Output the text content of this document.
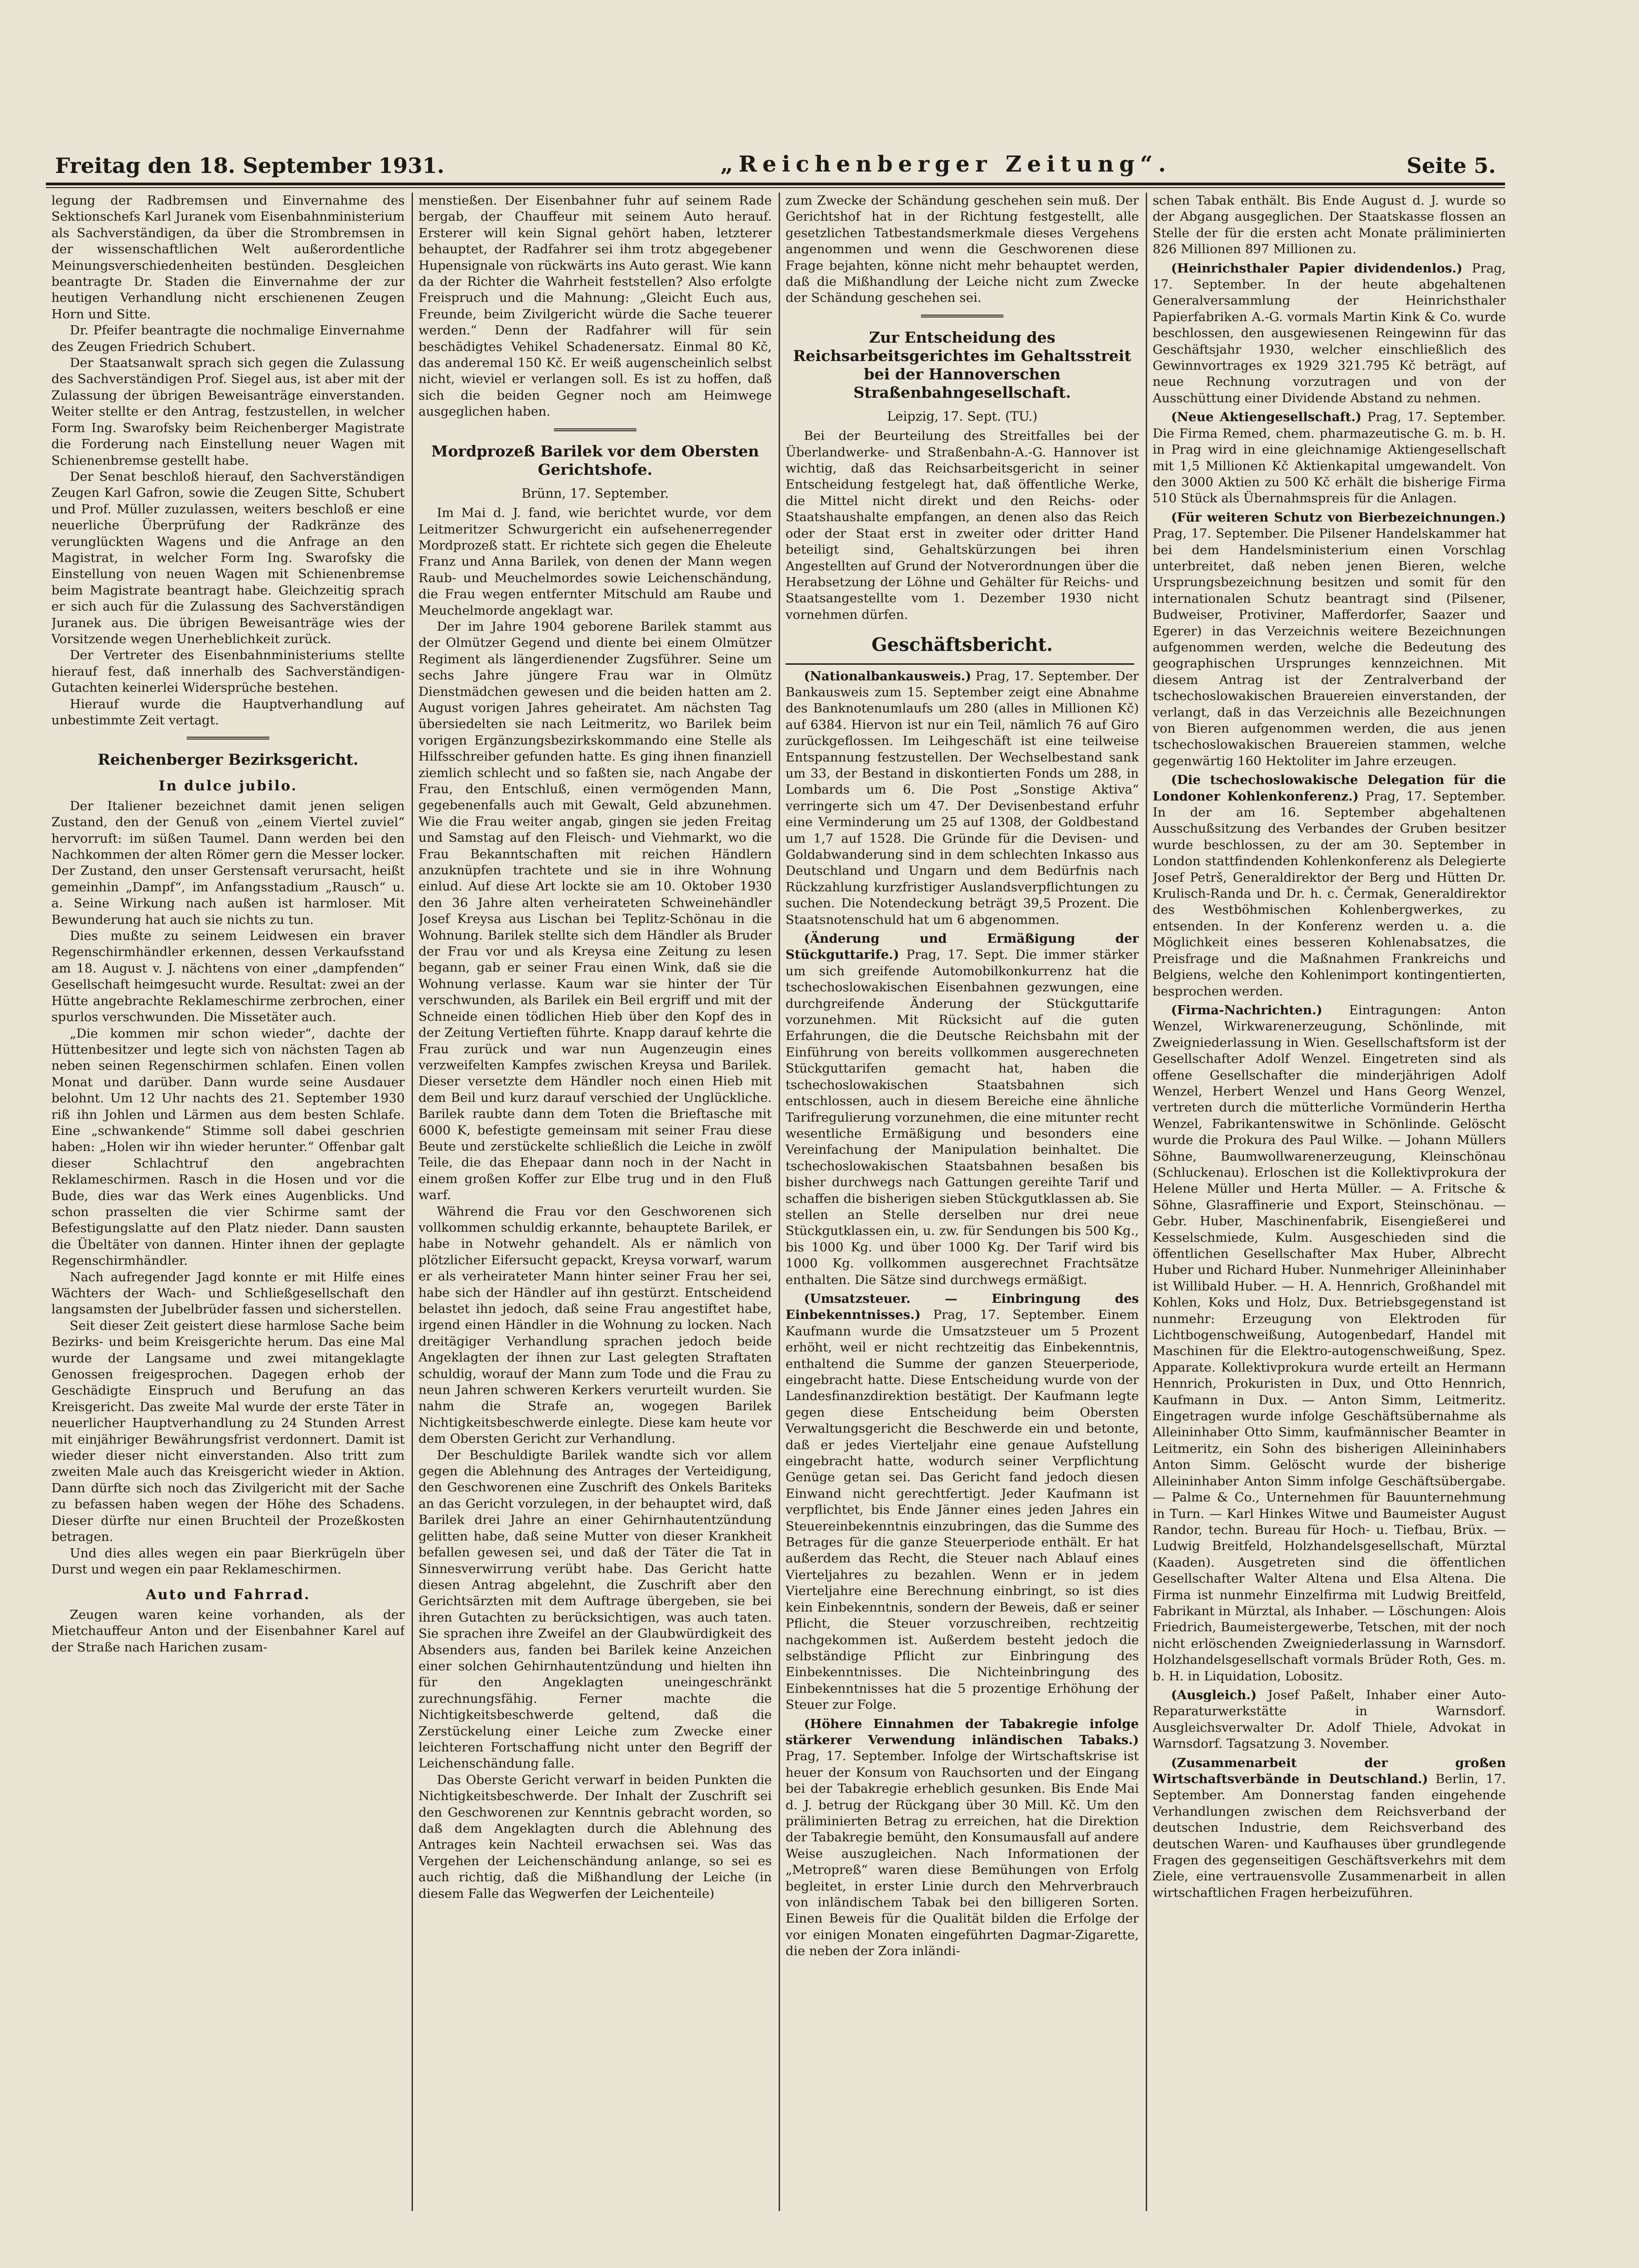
Freitag den 18. September 1931.	„Reichenberger Zeitung“.	Seite 5.

legung der Radbremsen und Einvernahme des Sektionschefs Karl Juranek vom Eisenbahnministerium als Sachverständigen, da über die Strombremsen in der wissenschaftlichen Welt außerordentliche Meinungsverschiedenheiten bestünden. Desgleichen beantragte Dr. Staden die Einvernahme der zur heutigen Verhandlung nicht erschienenen Zeugen Horn und Sitte.

Dr. Pfeifer beantragte die nochmalige Einvernahme des Zeugen Friedrich Schubert.

Der Staatsanwalt sprach sich gegen die Zulassung des Sachverständigen Prof. Siegel aus, ist aber mit der Zulassung der übrigen Beweisanträge einverstanden. Weiter stellte er den Antrag, festzustellen, in welcher Form Ing. Swarofsky beim Reichenberger Magistrate die Forderung nach Einstellung neuer Wagen mit Schienenbremse gestellt habe.

Der Senat beschloß hierauf, den Sachverständigen Zeugen Karl Gafron, sowie die Zeugen Sitte, Schubert und Prof. Müller zuzulassen, weiters beschloß er eine neuerliche Überprüfung der Radkränze des verunglückten Wagens und die Anfrage an den Magistrat, in welcher Form Ing. Swarofsky die Einstellung von neuen Wagen mit Schienenbremse beim Magistrate beantragt habe. Gleichzeitig sprach er sich auch für die Zulassung des Sachverständigen Juranek aus. Die übrigen Beweisanträge wies der Vorsitzende wegen Unerheblichkeit zurück.

Der Vertreter des Eisenbahnministeriums stellte hierauf fest, daß innerhalb des Sachverständigen-Gutachten keinerlei Widersprüche bestehen.

Hierauf wurde die Hauptverhandlung auf unbestimmte Zeit vertagt.

Reichenberger Bezirksgericht.
In dulce jubilo.

Der Italiener bezeichnet damit jenen seligen Zustand, den der Genuß von „einem Viertel zuviel“ hervorruft: im süßen Taumel. Dann werden bei den Nachkommen der alten Römer gern die Messer locker. Der Zustand, den unser Gerstensaft verursacht, heißt gemeinhin „Dampf“, im Anfangsstadium „Rausch“ u. a. Seine Wirkung nach außen ist harmloser. Mit Bewunderung hat auch sie nichts zu tun.

Dies mußte zu seinem Leidwesen ein braver Regenschirmhändler erkennen, dessen Verkaufsstand am 18. August v. J. nächtens von einer „dampfenden“ Gesellschaft heimgesucht wurde. Resultat: zwei an der Hütte angebrachte Reklameschirme zerbrochen, einer spurlos verschwunden. Die Missetäter auch.

„Die kommen mir schon wieder“, dachte der Hüttenbesitzer und legte sich von nächsten Tagen ab neben seinen Regenschirmen schlafen. Einen vollen Monat und darüber. Dann wurde seine Ausdauer belohnt. Um 12 Uhr nachts des 21. September 1930 riß ihn Johlen und Lärmen aus dem besten Schlafe. Eine „schwankende“ Stimme soll dabei geschrien haben: „Holen wir ihn wieder herunter.“ Offenbar galt dieser Schlachtruf den angebrachten Reklameschirmen. Rasch in die Hosen und vor die Bude, dies war das Werk eines Augenblicks. Und schon prasselten die vier Schirme samt der Befestigungslatte auf den Platz nieder. Dann sausten die Übeltäter von dannen. Hinter ihnen der geplagte Regenschirmhändler.

Nach aufregender Jagd konnte er mit Hilfe eines Wächters der Wach- und Schließgesellschaft den langsamsten der Jubelbrüder fassen und sicherstellen.

Seit dieser Zeit geistert diese harmlose Sache beim Bezirks- und beim Kreisgerichte herum. Das eine Mal wurde der Langsame und zwei mitangeklagte Genossen freigesprochen. Dagegen erhob der Geschädigte Einspruch und Berufung an das Kreisgericht. Das zweite Mal wurde der erste Täter in neuerlicher Hauptverhandlung zu 24 Stunden Arrest mit einjähriger Bewährungsfrist verdonnert. Damit ist wieder dieser nicht einverstanden. Also tritt zum zweiten Male auch das Kreisgericht wieder in Aktion. Dann dürfte sich noch das Zivilgericht mit der Sache zu befassen haben wegen der Höhe des Schadens. Dieser dürfte nur einen Bruchteil der Prozeßkosten betragen.

Und dies alles wegen ein paar Bierkrügeln über Durst und wegen ein paar Reklameschirmen.

Auto und Fahrrad.

Zeugen waren keine vorhanden, als der Mietchauffeur Anton und der Eisenbahner Karel auf der Straße nach Harichen zusam-

menstießen. Der Eisenbahner fuhr auf seinem Rade bergab, der Chauffeur mit seinem Auto herauf. Ersterer will kein Signal gehört haben, letzterer behauptet, der Radfahrer sei ihm trotz abgegebener Hupensignale von rückwärts ins Auto gerast. Wie kann da der Richter die Wahrheit feststellen? Also erfolgte Freispruch und die Mahnung: „Gleicht Euch aus, Freunde, beim Zivilgericht würde die Sache teuerer werden.“ Denn der Radfahrer will für sein beschädigtes Vehikel Schadenersatz. Einmal 80 Kč, das anderemal 150 Kč. Er weiß augenscheinlich selbst nicht, wieviel er verlangen soll. Es ist zu hoffen, daß sich die beiden Gegner noch am Heimwege ausgeglichen haben.

Mordprozeß Barilek vor dem Obersten Gerichtshofe.
Brünn, 17. September.

Im Mai d. J. fand, wie berichtet wurde, vor dem Leitmeritzer Schwurgericht ein aufsehenerregender Mordprozeß statt. Er richtete sich gegen die Eheleute Franz und Anna Barilek, von denen der Mann wegen Raub- und Meuchelmordes sowie Leichenschändung, die Frau wegen entfernter Mitschuld am Raube und Meuchelmorde angeklagt war.

Der im Jahre 1904 geborene Barilek stammt aus der Olmützer Gegend und diente bei einem Olmützer Regiment als längerdienender Zugsführer. Seine um sechs Jahre jüngere Frau war in Olmütz Dienstmädchen gewesen und die beiden hatten am 2. August vorigen Jahres geheiratet. Am nächsten Tag übersiedelten sie nach Leitmeritz, wo Barilek beim vorigen Ergänzungsbezirkskommando eine Stelle als Hilfsschreiber gefunden hatte. Es ging ihnen finanziell ziemlich schlecht und so faßten sie, nach Angabe der Frau, den Entschluß, einen vermögenden Mann, gegebenenfalls auch mit Gewalt, Geld abzunehmen. Wie die Frau weiter angab, gingen sie jeden Freitag und Samstag auf den Fleisch- und Viehmarkt, wo die Frau Bekanntschaften mit reichen Händlern anzuknüpfen trachtete und sie in ihre Wohnung einlud. Auf diese Art lockte sie am 10. Oktober 1930 den 36 Jahre alten verheirateten Schweinehändler Josef Kreysa aus Lischan bei Teplitz-Schönau in die Wohnung. Barilek stellte sich dem Händler als Bruder der Frau vor und als Kreysa eine Zeitung zu lesen begann, gab er seiner Frau einen Wink, daß sie die Wohnung verlasse. Kaum war sie hinter der Tür verschwunden, als Barilek ein Beil ergriff und mit der Schneide einen tödlichen Hieb über den Kopf des in der Zeitung Vertieften führte. Knapp darauf kehrte die Frau zurück und war nun Augenzeugin eines verzweifelten Kampfes zwischen Kreysa und Barilek. Dieser versetzte dem Händler noch einen Hieb mit dem Beil und kurz darauf verschied der Unglückliche. Barilek raubte dann dem Toten die Brieftasche mit 6000 K, befestigte gemeinsam mit seiner Frau diese Beute und zerstückelte schließlich die Leiche in zwölf Teile, die das Ehepaar dann noch in der Nacht in einem großen Koffer zur Elbe trug und in den Fluß warf.

Während die Frau vor den Geschworenen sich vollkommen schuldig erkannte, behauptete Barilek, er habe in Notwehr gehandelt. Als er nämlich von plötzlicher Eifersucht gepackt, Kreysa vorwarf, warum er als verheirateter Mann hinter seiner Frau her sei, habe sich der Händler auf ihn gestürzt. Entscheidend belastet ihn jedoch, daß seine Frau angestiftet habe, irgend einen Händler in die Wohnung zu locken. Nach dreitägiger Verhandlung sprachen jedoch beide Angeklagten der ihnen zur Last gelegten Straftaten schuldig, worauf der Mann zum Tode und die Frau zu neun Jahren schweren Kerkers verurteilt wurden. Sie nahm die Strafe an, wogegen Barilek Nichtigkeitsbeschwerde einlegte. Diese kam heute vor dem Obersten Gericht zur Verhandlung.

Der Beschuldigte Barilek wandte sich vor allem gegen die Ablehnung des Antrages der Verteidigung, den Geschworenen eine Zuschrift des Onkels Bariteks an das Gericht vorzulegen, in der behauptet wird, daß Barilek drei Jahre an einer Gehirnhautentzündung gelitten habe, daß seine Mutter von dieser Krankheit befallen gewesen sei, und daß der Täter die Tat in Sinnesverwirrung verübt habe. Das Gericht hatte diesen Antrag abgelehnt, die Zuschrift aber den Gerichtsärzten mit dem Auftrage übergeben, sie bei ihren Gutachten zu berücksichtigen, was auch taten. Sie sprachen ihre Zweifel an der Glaubwürdigkeit des Absenders aus, fanden bei Barilek keine Anzeichen einer solchen Gehirnhautentzündung und hielten ihn für den Angeklagten uneingeschränkt zurechnungsfähig. Ferner machte die Nichtigkeitsbeschwerde geltend, daß die Zerstückelung einer Leiche zum Zwecke einer leichteren Fortschaffung nicht unter den Begriff der Leichenschändung falle.

Das Oberste Gericht verwarf in beiden Punkten die Nichtigkeitsbeschwerde. Der Inhalt der Zuschrift sei den Geschworenen zur Kenntnis gebracht worden, so daß dem Angeklagten durch die Ablehnung des Antrages kein Nachteil erwachsen sei. Was das Vergehen der Leichenschändung anlange, so sei es auch richtig, daß die Mißhandlung der Leiche (in diesem Falle das Wegwerfen der Leichenteile)

zum Zwecke der Schändung geschehen sein muß. Der Gerichtshof hat in der Richtung festgestellt, alle gesetzlichen Tatbestandsmerkmale dieses Vergehens angenommen und wenn die Geschworenen diese Frage bejahten, könne nicht mehr behauptet werden, daß die Mißhandlung der Leiche nicht zum Zwecke der Schändung geschehen sei.

Zur Entscheidung des Reichsarbeitsgerichtes im Gehaltsstreit bei der Hannoverschen Straßenbahngesellschaft.
Leipzig, 17. Sept. (TU.)

Bei der Beurteilung des Streitfalles bei der Überlandwerke- und Straßenbahn-A.-G. Hannover ist wichtig, daß das Reichsarbeitsgericht in seiner Entscheidung festgelegt hat, daß öffentliche Werke, die Mittel nicht direkt und den Reichs- oder Staatshaushalte empfangen, an denen also das Reich oder der Staat erst in zweiter oder dritter Hand beteiligt sind, Gehaltskürzungen bei ihren Angestellten auf Grund der Notverordnungen über die Herabsetzung der Löhne und Gehälter für Reichs- und Staatsangestellte vom 1. Dezember 1930 nicht vornehmen dürfen.

Geschäftsbericht.

(Nationalbankausweis.) Prag, 17. September. Der Bankausweis zum 15. September zeigt eine Abnahme des Banknotenumlaufs um 280 (alles in Millionen Kč) auf 6384. Hiervon ist nur ein Teil, nämlich 76 auf Giro zurückgeflossen. Im Leihgeschäft ist eine teilweise Entspannung festzustellen. Der Wechselbestand sank um 33, der Bestand in diskontierten Fonds um 288, in Lombards um 6. Die Post „Sonstige Aktiva“ verringerte sich um 47. Der Devisenbestand erfuhr eine Verminderung um 25 auf 1308, der Goldbestand um 1,7 auf 1528. Die Gründe für die Devisen- und Goldabwanderung sind in dem schlechten Inkasso aus Deutschland und Ungarn und dem Bedürfnis nach Rückzahlung kurzfristiger Auslandsverpflichtungen zu suchen. Die Notendeckung beträgt 39,5 Prozent. Die Staatsnotenschuld hat um 6 abgenommen.

(Änderung und Ermäßigung der Stückguttarife.) Prag, 17. Sept. Die immer stärker um sich greifende Automobilkonkurrenz hat die tschechoslowakischen Eisenbahnen gezwungen, eine durchgreifende Änderung der Stückguttarife vorzunehmen. Mit Rücksicht auf die guten Erfahrungen, die die Deutsche Reichsbahn mit der Einführung von bereits vollkommen ausgerechneten Stückguttarifen gemacht hat, haben die tschechoslowakischen Staatsbahnen sich entschlossen, auch in diesem Bereiche eine ähnliche Tarifregulierung vorzunehmen, die eine mitunter recht wesentliche Ermäßigung und besonders eine Vereinfachung der Manipulation beinhaltet. Die tschechoslowakischen Staatsbahnen besaßen bis bisher durchwegs nach Gattungen gereihte Tarif und schaffen die bisherigen sieben Stückgutklassen ab. Sie stellen an Stelle derselben nur drei neue Stückgutklassen ein, u. zw. für Sendungen bis 500 Kg., bis 1000 Kg. und über 1000 Kg. Der Tarif wird bis 1000 Kg. vollkommen ausgerechnet Frachtsätze enthalten. Die Sätze sind durchwegs ermäßigt.

(Umsatzsteuer. — Einbringung des Einbekenntnisses.) Prag, 17. September. Einem Kaufmann wurde die Umsatzsteuer um 5 Prozent erhöht, weil er nicht rechtzeitig das Einbekenntnis, enthaltend die Summe der ganzen Steuerperiode, eingebracht hatte. Diese Entscheidung wurde von der Landesfinanzdirektion bestätigt. Der Kaufmann legte gegen diese Entscheidung beim Obersten Verwaltungsgericht die Beschwerde ein und betonte, daß er jedes Vierteljahr eine genaue Aufstellung eingebracht hatte, wodurch seiner Verpflichtung Genüge getan sei. Das Gericht fand jedoch diesen Einwand nicht gerechtfertigt. Jeder Kaufmann ist verpflichtet, bis Ende Jänner eines jeden Jahres ein Steuereinbekenntnis einzubringen, das die Summe des Betrages für die ganze Steuerperiode enthält. Er hat außerdem das Recht, die Steuer nach Ablauf eines Vierteljahres zu bezahlen. Wenn er in jedem Vierteljahre eine Berechnung einbringt, so ist dies kein Einbekenntnis, sondern der Beweis, daß er seiner Pflicht, die Steuer vorzuschreiben, rechtzeitig nachgekommen ist. Außerdem besteht jedoch die selbständige Pflicht zur Einbringung des Einbekenntnisses. Die Nichteinbringung des Einbekenntnisses hat die 5 prozentige Erhöhung der Steuer zur Folge.

(Höhere Einnahmen der Tabakregie infolge stärkerer Verwendung inländischen Tabaks.) Prag, 17. September. Infolge der Wirtschaftskrise ist heuer der Konsum von Rauchsorten und der Eingang bei der Tabakregie erheblich gesunken. Bis Ende Mai d. J. betrug der Rückgang über 30 Mill. Kč. Um den präliminierten Betrag zu erreichen, hat die Direktion der Tabakregie bemüht, den Konsumausfall auf andere Weise auszugleichen. Nach Informationen der „Metropreß“ waren diese Bemühungen von Erfolg begleitet, in erster Linie durch den Mehrverbrauch von inländischem Tabak bei den billigeren Sorten. Einen Beweis für die Qualität bilden die Erfolge der vor einigen Monaten eingeführten Dagmar-Zigarette, die neben der Zora inländi-

schen Tabak enthält. Bis Ende August d. J. wurde so der Abgang ausgeglichen. Der Staatskasse flossen an Stelle der für die ersten acht Monate präliminierten 826 Millionen 897 Millionen zu.

(Heinrichsthaler Papier dividendenlos.) Prag, 17. September. In der heute abgehaltenen Generalversammlung der Heinrichsthaler Papierfabriken A.-G. vormals Martin Kink & Co. wurde beschlossen, den ausgewiesenen Reingewinn für das Geschäftsjahr 1930, welcher einschließlich des Gewinnvortrages ex 1929 321.795 Kč beträgt, auf neue Rechnung vorzutragen und von der Ausschüttung einer Dividende Abstand zu nehmen.

(Neue Aktiengesellschaft.) Prag, 17. September. Die Firma Remed, chem. pharmazeutische G. m. b. H. in Prag wird in eine gleichnamige Aktiengesellschaft mit 1,5 Millionen Kč Aktienkapital umgewandelt. Von den 3000 Aktien zu 500 Kč erhält die bisherige Firma 510 Stück als Übernahmspreis für die Anlagen.

(Für weiteren Schutz von Bierbezeichnungen.) Prag, 17. September. Die Pilsener Handelskammer hat bei dem Handelsministerium einen Vorschlag unterbreitet, daß neben jenen Bieren, welche Ursprungsbezeichnung besitzen und somit für den internationalen Schutz beantragt sind (Pilsener, Budweiser, Protiviner, Mafferdorfer, Saazer und Egerer) in das Verzeichnis weitere Bezeichnungen aufgenommen werden, welche die Bedeutung des geographischen Ursprunges kennzeichnen. Mit diesem Antrag ist der Zentralverband der tschechoslowakischen Brauereien einverstanden, der verlangt, daß in das Verzeichnis alle Bezeichnungen von Bieren aufgenommen werden, die aus jenen tschechoslowakischen Brauereien stammen, welche gegenwärtig 160 Hektoliter im Jahre erzeugen.

(Die tschechoslowakische Delegation für die Londoner Kohlenkonferenz.) Prag, 17. September. In der am 16. September abgehaltenen Ausschußsitzung des Verbandes der Gruben besitzer wurde beschlossen, zu der am 30. September in London stattfindenden Kohlenkonferenz als Delegierte Josef Petrš, Generaldirektor der Berg und Hütten Dr. Krulisch-Randa und Dr. h. c. Čermak, Generaldirektor des Westböhmischen Kohlenbergwerkes, zu entsenden. In der Konferenz werden u. a. die Möglichkeit eines besseren Kohlenabsatzes, die Preisfrage und die Maßnahmen Frankreichs und Belgiens, welche den Kohlenimport kontingentierten, besprochen werden.

(Firma-Nachrichten.) Eintragungen: Anton Wenzel, Wirkwarenerzeugung, Schönlinde, mit Zweigniederlassung in Wien. Gesellschaftsform ist der Gesellschafter Adolf Wenzel. Eingetreten sind als offene Gesellschafter die minderjährigen Adolf Wenzel, Herbert Wenzel und Hans Georg Wenzel, vertreten durch die mütterliche Vormünderin Hertha Wenzel, Fabrikantenswitwe in Schönlinde. Gelöscht wurde die Prokura des Paul Wilke. — Johann Müllers Söhne, Baumwollwarenerzeugung, Kleinschönau (Schluckenau). Erloschen ist die Kollektivprokura der Helene Müller und Herta Müller. — A. Fritsche & Söhne, Glasraffinerie und Export, Steinschönau. — Gebr. Huber, Maschinenfabrik, Eisengießerei und Kesselschmiede, Kulm. Ausgeschieden sind die öffentlichen Gesellschafter Max Huber, Albrecht Huber und Richard Huber. Nunmehriger Alleininhaber ist Willibald Huber. — H. A. Hennrich, Großhandel mit Kohlen, Koks und Holz, Dux. Betriebsgegenstand ist nunmehr: Erzeugung von Elektroden für Lichtbogenschweißung, Autogenbedarf, Handel mit Maschinen für die Elektro-autogenschweißung, Spez. Apparate. Kollektivprokura wurde erteilt an Hermann Hennrich, Prokuristen in Dux, und Otto Hennrich, Kaufmann in Dux. — Anton Simm, Leitmeritz. Eingetragen wurde infolge Geschäftsübernahme als Alleininhaber Otto Simm, kaufmännischer Beamter in Leitmeritz, ein Sohn des bisherigen Alleininhabers Anton Simm. Gelöscht wurde der bisherige Alleininhaber Anton Simm infolge Geschäftsübergabe. — Palme & Co., Unternehmen für Bauunternehmung in Turn. — Karl Hinkes Witwe und Baumeister August Randor, techn. Bureau für Hoch- u. Tiefbau, Brüx. — Ludwig Breitfeld, Holzhandelsgesellschaft, Mürztal (Kaaden). Ausgetreten sind die öffentlichen Gesellschafter Walter Altena und Elsa Altena. Die Firma ist nunmehr Einzelfirma mit Ludwig Breitfeld, Fabrikant in Mürztal, als Inhaber. — Löschungen: Alois Friedrich, Baumeistergewerbe, Tetschen, mit der noch nicht erlöschenden Zweigniederlassung in Warnsdorf. Holzhandelsgesellschaft vormals Brüder Roth, Ges. m. b. H. in Liquidation, Lobositz.

(Ausgleich.) Josef Paßelt, Inhaber einer Auto-Reparaturwerkstätte in Warnsdorf. Ausgleichsverwalter Dr. Adolf Thiele, Advokat in Warnsdorf. Tagsatzung 3. November.

(Zusammenarbeit der großen Wirtschaftsverbände in Deutschland.) Berlin, 17. September. Am Donnerstag fanden eingehende Verhandlungen zwischen dem Reichsverband der deutschen Industrie, dem Reichsverband des deutschen Waren- und Kaufhauses über grundlegende Fragen des gegenseitigen Geschäftsverkehrs mit dem Ziele, eine vertrauensvolle Zusammenarbeit in allen wirtschaftlichen Fragen herbeizuführen.
